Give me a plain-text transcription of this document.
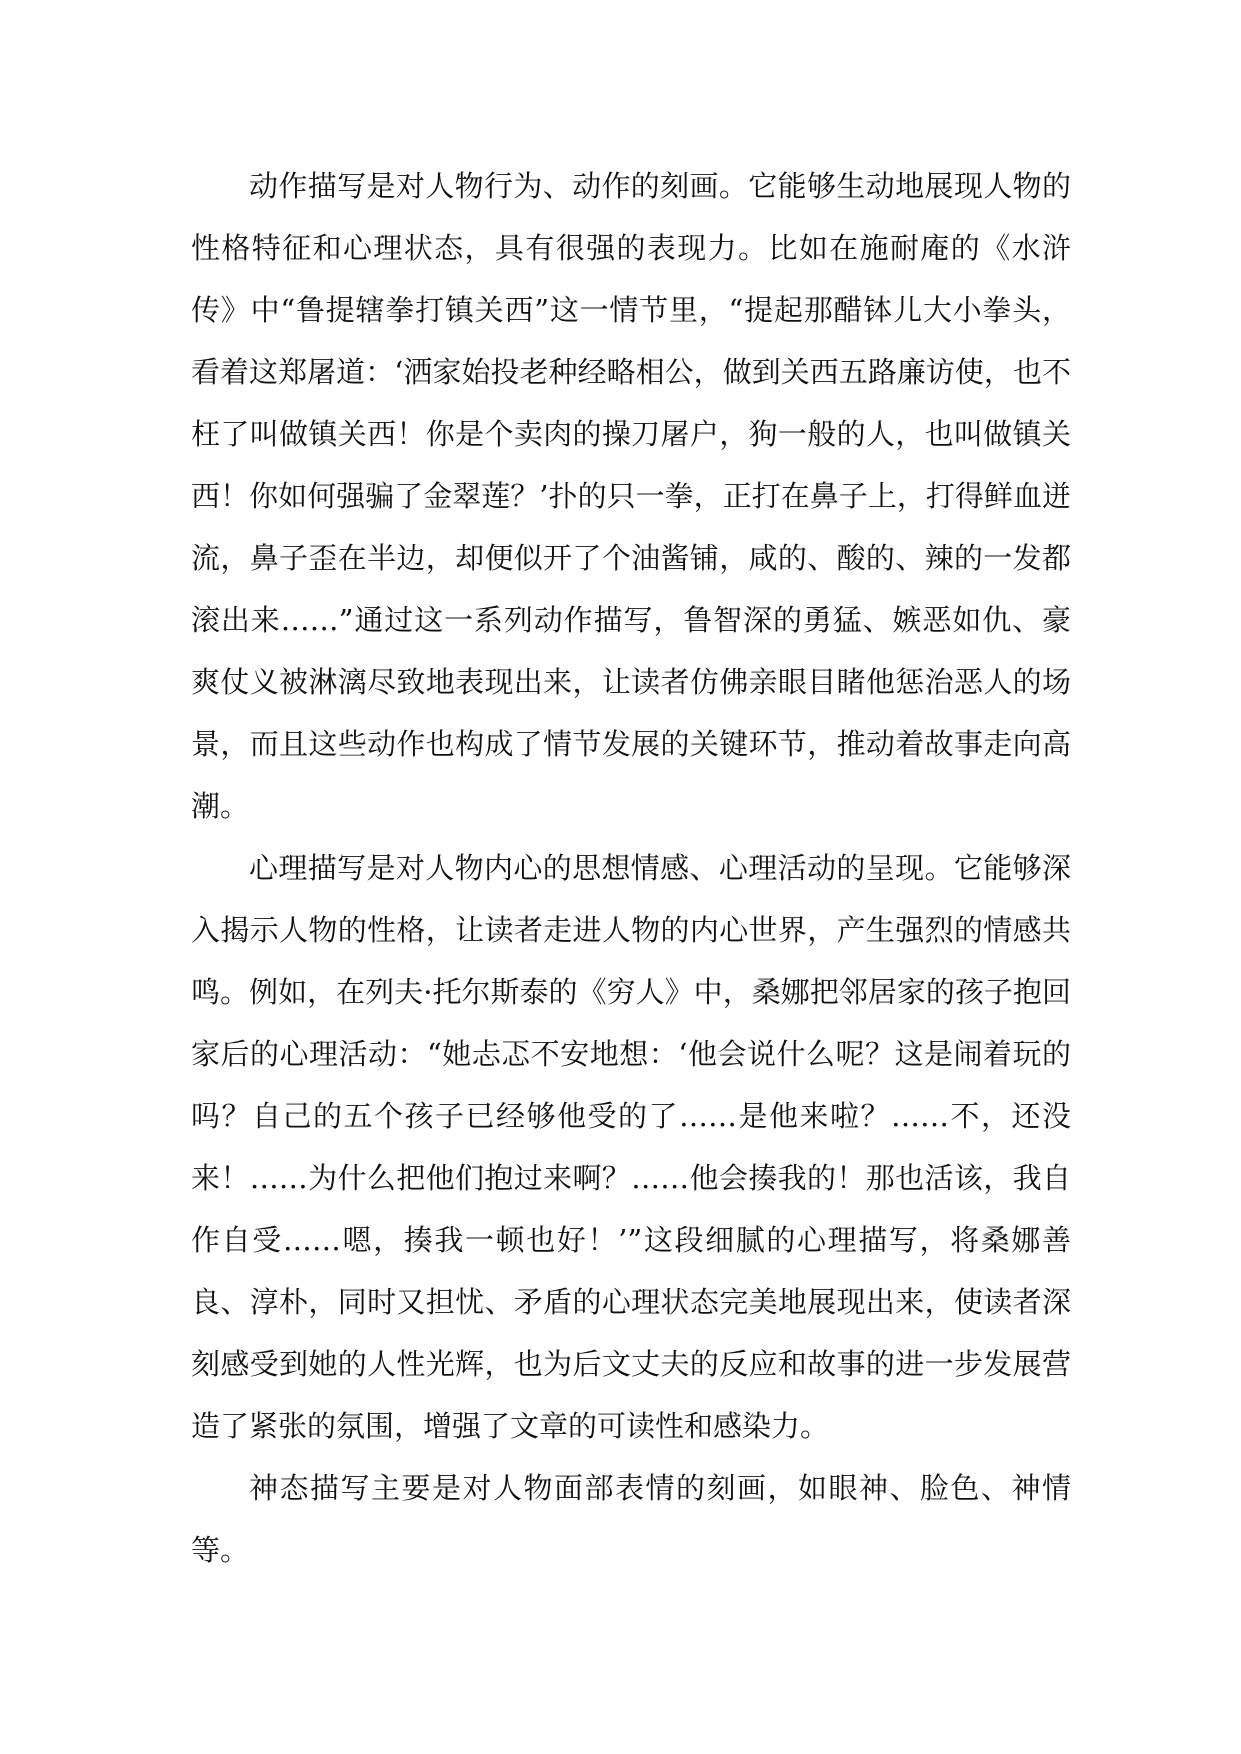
动作描写是对人物行为、动作的刻画。它能够生动地展现人物的性格特征和心理状态，具有很强的表现力。比如在施耐庵的《水浒传》中“鲁提辖拳打镇关西”这一情节里，“提起那醋钵儿大小拳头，看着这郑屠道：‘洒家始投老种经略相公，做到关西五路廉访使，也不枉了叫做镇关西！你是个卖肉的操刀屠户，狗一般的人，也叫做镇关西！你如何强骗了金翠莲？’扑的只一拳，正打在鼻子上，打得鲜血迸流，鼻子歪在半边，却便似开了个油酱铺，咸的、酸的、辣的一发都滚出来……”通过这一系列动作描写，鲁智深的勇猛、嫉恶如仇、豪爽仗义被淋漓尽致地表现出来，让读者仿佛亲眼目睹他惩治恶人的场景，而且这些动作也构成了情节发展的关键环节，推动着故事走向高潮。

心理描写是对人物内心的思想情感、心理活动的呈现。它能够深入揭示人物的性格，让读者走进人物的内心世界，产生强烈的情感共鸣。例如，在列夫·托尔斯泰的《穷人》中，桑娜把邻居家的孩子抱回家后的心理活动：“她忐忑不安地想：‘他会说什么呢？这是闹着玩的吗？自己的五个孩子已经够他受的了……是他来啦？……不，还没来！……为什么把他们抱过来啊？……他会揍我的！那也活该，我自作自受……嗯，揍我一顿也好！’”这段细腻的心理描写，将桑娜善良、淳朴，同时又担忧、矛盾的心理状态完美地展现出来，使读者深刻感受到她的人性光辉，也为后文丈夫的反应和故事的进一步发展营造了紧张的氛围，增强了文章的可读性和感染力。

神态描写主要是对人物面部表情的刻画，如眼神、脸色、神情等。
